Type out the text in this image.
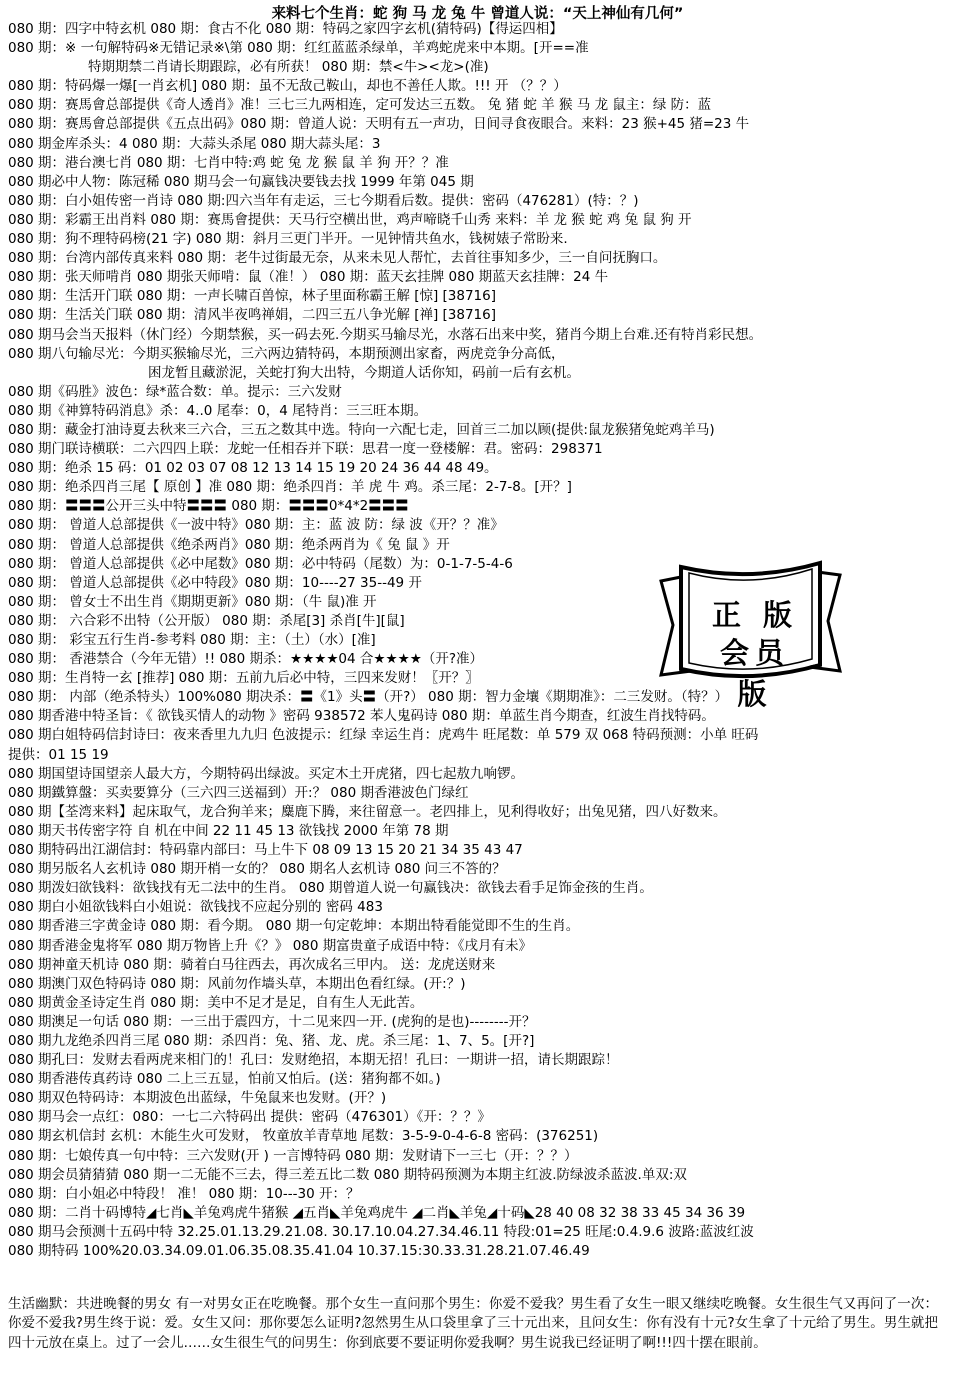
来料七个生肖：蛇 狗 马 龙 兔 牛 曾道人说：“天上神仙有几何”
080 期：四字中特玄机 080 期：食古不化 080 期：特码之家四字玄机(猜特码)【得运四相】
080 期：※ 一句解特码※无错记录※\第 080 期：红红蓝蓝杀绿单，羊鸡蛇虎来中本期。[开==准
特期期禁二肖请长期跟踪，必有所获！ 080 期：禁<牛><龙>(准)
080 期：特码爆一爆[一肖玄机] 080 期：虽不无敌己鞍山，却也不善任人欺。!!! 开 （？？）
080 期：赛馬會总部提供《奇人透肖》准！三七三九两相连，定可发达三五数。 兔 猪 蛇 羊 猴 马 龙 鼠主：绿 防：蓝
080 期：赛馬會总部提供《五点出码》080 期：曾道人说：天明有五一声功，日间寻食夜眼合。来料：23 猴+45 猪=23 牛
080 期金库杀头：4 080 期：大蒜头杀尾 080 期大蒜头尾：3
080 期：港台澳七肖 080 期：七肖中特:鸡 蛇 兔 龙 猴 鼠 羊 狗 开？？准
080 期必中人物：陈冠稀 080 期马会一句赢钱决要钱去找 1999 年第 045 期
080 期：白小姐传密一肖诗 080 期:四六当年有走运，三七今期看后数。提供：密码（476281）(特：？)
080 期：彩霸王出肖料 080 期：赛馬會提供：天马行空横出世，鸡声啼晓千山秀 来料：羊 龙 猴 蛇 鸡 兔 鼠 狗 开
080 期：狗不理特码榜(21 字) 080 期：斜月三更门半开。一见钟情共鱼水，钱树婊子常盼来.
080 期：台湾内部传真来料 080 期：老牛过街最无奈，从来未见人帮忙，去首往事知多少，三一自问抚胸口。
080 期：张天师啃肖 080 期张天师啃：鼠（准！） 080 期：蓝天玄挂牌 080 期蓝天玄挂牌：24 牛
080 期：生活开门联 080 期：一声长啸百兽惊，林子里面称霸王解 [惊] [38716]
080 期：生活关门联 080 期：清风半夜鸣禅娟，二四三五八争光解 [禅] [38716]
080 期马会当天报料（休门经）今期禁猴，买一码去死.今期买马输尽光，水落石出来中奖，猪肖今期上台难.还有特肖彩民想。
080 期八句输尽光：今期买猴输尽光，三六两边猜特码，本期预测出家畜，两虎竞争分高低，
困龙暂且藏淤泥，关蛇打狗大出特，今期道人话你知，码前一后有玄机。
080 期《码胜》波色：绿*蓝合数：单。提示：三六发财
080 期《神算特码消息》杀：4..0 尾奉：0，4 尾特肖：三三旺本期。
080 期：藏金打油诗夏去秋来三六合，三五之数其中选。特向一六配七走，回首三二加以顾(提供:鼠龙猴猪兔蛇鸡羊马)
080 期门联诗横联：二六四四上联：龙蛇一任相吞并下联：思君一度一登楼解：君。密码：298371
080 期：绝杀 15 码：01 02 03 07 08 12 13 14 15 19 20 24 36 44 48 49。
080 期：绝杀四肖三尾【 原创 】准 080 期：绝杀四肖：羊 虎 牛 鸡。杀三尾：2-7-8。[开？]
080 期：〓〓〓公开三头中特〓〓〓 080 期：〓〓〓0*4*2〓〓〓
080 期： 曾道人总部提供《一波中特》080 期：主：蓝 波 防：绿 波《开？？准》
080 期： 曾道人总部提供《绝杀两肖》080 期：绝杀两肖为《 兔 鼠 》开
080 期： 曾道人总部提供《必中尾数》080 期：必中特码（尾数）为：0-1-7-5-4-6
080 期： 曾道人总部提供《必中特段》080 期：10----27 35--49 开
080 期： 曾女士不出生肖《期期更新》080 期：（牛 鼠)准 开
080 期： 六合彩不出特（公开版） 080 期：杀尾[3] 杀肖[牛][鼠]
080 期： 彩宝五行生肖-参考料 080 期：主：（土）（水）[准]
080 期： 香港禁合（今年无错）!! 080 期杀：★★★★04 合★★★★（开?准）
080 期：生肖特一玄 [推荐] 080 期：五前九后必中特，三四来发财！〖开？〗
080 期： 内部（绝杀特头）100%080 期决杀：〓《1》头〓（开?） 080 期：智力金壤《期期准》：二三发财。（特？）
080 期香港中特圣旨：《 欲钱买情人的动物 》密码 938572 苯人鬼码诗 080 期：单蓝生肖今期查，红波生肖找特码。
080 期白姐特码信封诗曰：夜来香里九九归 色波提示：红绿 幸运生肖：虎鸡牛 旺尾数：单 579 双 068 特码预测：小单 旺码
提供：01 15 19
080 期国望诗国望亲人最大方，今期特码出绿波。买定木土开虎猪，四七起敖九响锣。
080 期鐵算盤：买卖要算分（三六四三送福到）开:？ 080 期香港波色门绿红
080 期【荃湾来料】起床取气，龙合狗羊来；麋鹿下腾，来往留意一。老四排上，见利得收好；出兔见猪，四八好数来。
080 期天书传密字符 自 机在中间 22 11 45 13 欲钱找 2000 年第 78 期
080 期特码出江湖信封：特码靠内部曰：马上牛下 08 09 13 15 20 21 34 35 43 47
080 期另版名人玄机诗 080 期开梢一女的？ 080 期名人玄机诗 080 问三不答的？
080 期泼妇欲钱料：欲钱找有无二法中的生肖。 080 期曾道人说一句赢钱决：欲钱去看手足饰金孩的生肖。
080 期白小姐欲钱料白小姐说：欲钱找不应起分别的 密码 483
080 期香港三字黄金诗 080 期：看今期。 080 期一句定乾坤：本期出特看能觉即不生的生肖。
080 期香港金鬼将军 080 期万物皆上升《？》 080 期富贵童子成语中特：《戌月有未》
080 期神童天机诗 080 期：骑着白马往西去，再次成名三甲内。 送：龙虎送财来
080 期澳门双色特码诗 080 期：风前勿作墙头草，本期出色看红绿。(开:？)
080 期黄金圣诗定生肖 080 期：美中不足才是足，自有生人无此苦。
080 期澳足一句话 080 期：一三出于震四方，十二见来四一开. (虎狗的是也)--------开？
080 期九龙绝杀四肖三尾 080 期：杀四肖：兔、猪、龙、虎。杀三尾：1、7、5。[开?]
080 期孔曰：发财去看两虎来相门的！孔曰：发财绝招，本期无招！孔曰：一期讲一招，请长期跟踪！
080 期香港传真药诗 080 二上三五显，怕前又怕后。(送：猪狗都不如。)
080 期双色特码诗：本期波色出蓝绿，牛兔鼠来也发财。(开？)
080 期马会一点红：080：一七二六特码出 提供：密码（476301）《开：？？》
080 期玄机信封 玄机：木能生火可发财， 牧童放羊青草地 尾数：3-5-9-0-4-6-8 密码：(376251)
080 期：七娘传真一句中特：三六发财(开 ) 一言博特码 080 期：发财请下一三七（开：？？）
080 期会员猜猜猜 080 期一二无能不三去，得三差五比二数 080 期特码预测为本期主红波.防绿波杀蓝波.单双:双
080 期：白小姐必中特段！ 准！ 080 期：10---30 开：？
080 期：二肖十码博特◢七肖◣羊兔鸡虎牛猪猴 ◢五肖◣羊兔鸡虎牛 ◢二肖◣羊兔◢十码◣28 40 08 32 38 33 45 34 36 39
080 期马会预测十五码中特 32.25.01.13.29.21.08. 30.17.10.04.27.34.46.11 特段:01=25 旺尾:0.4.9.6 波路:蓝波红波
080 期特码 100%20.03.34.09.01.06.35.08.35.41.04 10.37.15:30.33.31.28.21.07.46.49
生活幽默：共进晚餐的男女 有一对男女正在吃晚餐。那个女生一直问那个男生：你爱不爱我？男生看了女生一眼又继续吃晚餐。女生很生气又再问了一次：你爱不爱我?男生终于说：爱。女生又问：那你要怎么证明?忽然男生从口袋里拿了三十元出来，且问女生：你有没有十元?女生拿了十元给了男生。男生就把四十元放在桌上。过了一会儿……女生很生气的问男生：你到底要不要证明你爱我啊？男生说我已经证明了啊!!!四十摆在眼前。
正 版
会员版
